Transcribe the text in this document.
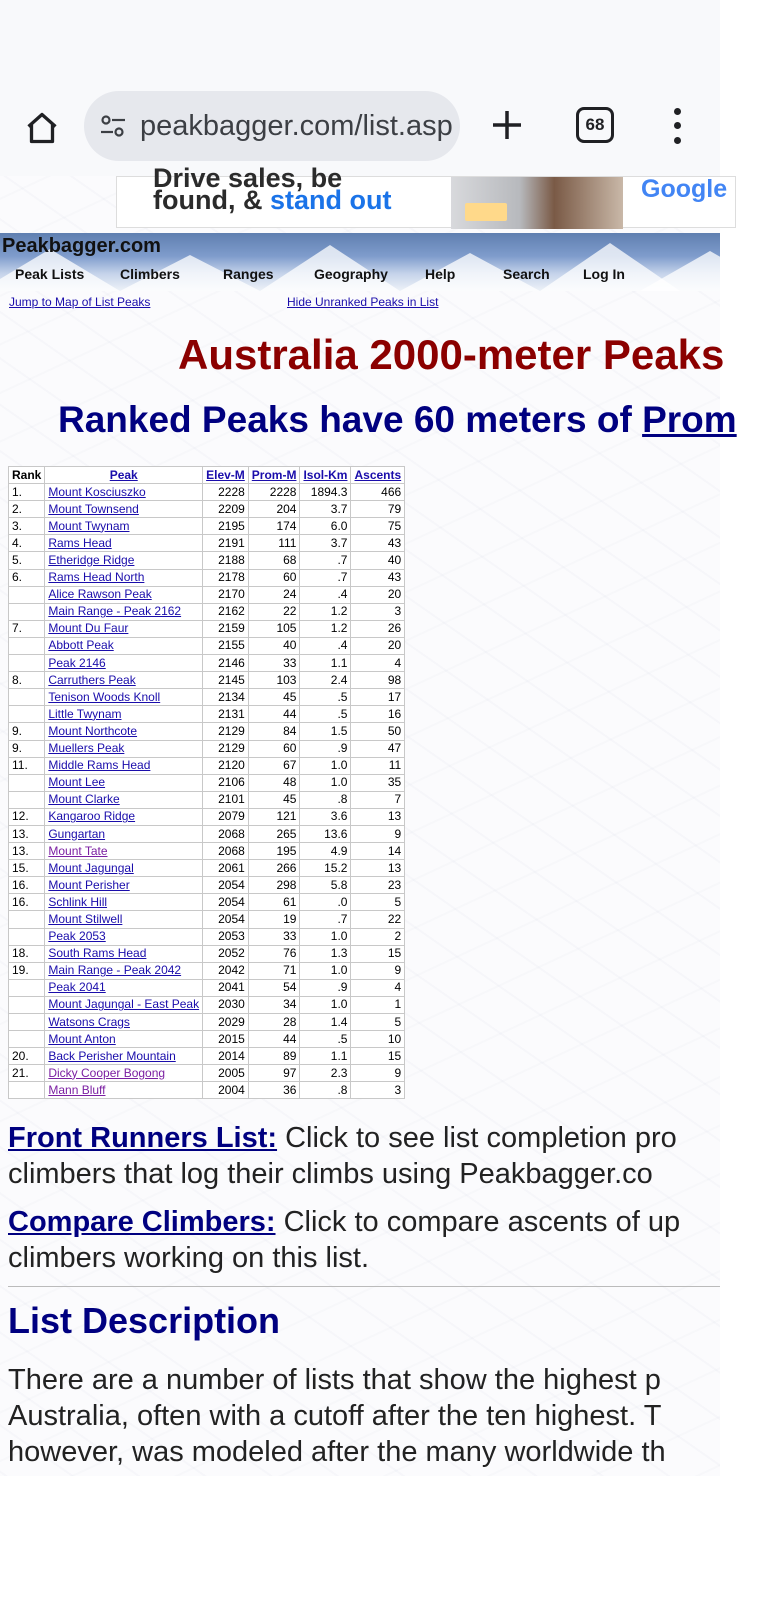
peakbagger.com/list.asp	68
Drive sales, be
found, & stand out	Google
Peakbagger.com
Peak Lists	Climbers	Ranges	Geography	Help	Search Log In
Jump to Map of List Peaks	Hide Unranked Peaks in List
Australia 2000-meter Peaks
Ranked Peaks have 60 meters of Prom
Rank	Peak	Elev-M	Prom-M	Isol-Km	Ascents
1.	Mount Kosciuszko	2228	2228	1894.3	466
2.	Mount Townsend	2209	204	3.7	79
3.	Mount Twynam	2195	174	6.0	75
4.	Rams Head	2191	111	3.7	43
5.	Etheridge Ridge	2188	68	.7	40
6.	Rams Head North	2178	60	.7	43
	Alice Rawson Peak	2170	24	.4	20
	Main Range - Peak 2162	2162	22	1.2	3
7.	Mount Du Faur	2159	105	1.2	26
	Abbott Peak	2155	40	.4	20
	Peak 2146	2146	33	1.1	4
8.	Carruthers Peak	2145	103	2.4	98
	Tenison Woods Knoll	2134	45	.5	17
	Little Twynam	2131	44	.5	16
9.	Mount Northcote	2129	84	1.5	50
9.	Muellers Peak	2129	60	.9	47
11.	Middle Rams Head	2120	67	1.0	11
	Mount Lee	2106	48	1.0	35
	Mount Clarke	2101	45	.8	7
12.	Kangaroo Ridge	2079	121	3.6	13
13.	Gungartan	2068	265	13.6	9
13.	Mount Tate	2068	195	4.9	14
15.	Mount Jagungal	2061	266	15.2	13
16.	Mount Perisher	2054	298	5.8	23
16.	Schlink Hill	2054	61	.0	5
	Mount Stilwell	2054	19	.7	22
	Peak 2053	2053	33	1.0	2
18.	South Rams Head	2052	76	1.3	15
19.	Main Range - Peak 2042	2042	71	1.0	9
	Peak 2041	2041	54	.9	4
	Mount Jagungal - East Peak	2030	34	1.0	1
	Watsons Crags	2029	28	1.4	5
	Mount Anton	2015	44	.5	10
20.	Back Perisher Mountain	2014	89	1.1	15
21.	Dicky Cooper Bogong	2005	97	2.3	9
	Mann Bluff	2004	36	.8	3
Front Runners List: Click to see list completion pro
climbers that log their climbs using Peakbagger.co
Compare Climbers: Click to compare ascents of up
climbers working on this list.
List Description
There are a number of lists that show the highest p
Australia, often with a cutoff after the ten highest. T
however, was modeled after the many worldwide th
